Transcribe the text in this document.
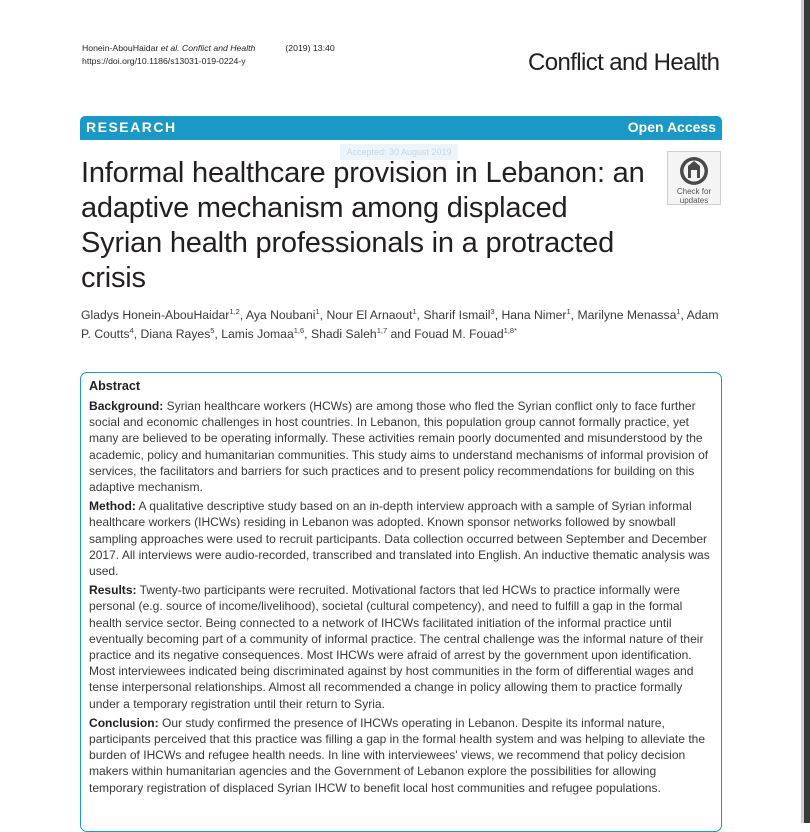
Honein-AbouHaidar et al. Conflict and Health	(2019) 13:40
https://doi.org/10.1186/s13031-019-0224-y	Conflict and Health
RESEARCH	Open Access
Accepted: 30 August 2019
Informal healthcare provision in Lebanon: an adaptive mechanism among displaced Syrian health professionals in a protracted crisis
Check for
updates
Gladys Honein-AbouHaidar$^{1,2}$, Aya Noubani$^1$, Nour El Arnaout$^1$, Sharif Ismail$^3$, Hana Nimer$^1$, Marilyne Menassa$^1$, Adam P. Coutts$^4$, Diana Rayes$^5$, Lamis Jomaa$^{1,6}$, Shadi Saleh$^{1,7}$ and Fouad M. Fouad$^{1,8*}$
Abstract

Background: Syrian healthcare workers (HCWs) are among those who fled the Syrian conflict only to face further social and economic challenges in host countries. In Lebanon, this population group cannot formally practice, yet many are believed to be operating informally. These activities remain poorly documented and misunderstood by the academic, policy and humanitarian communities. This study aims to understand mechanisms of informal provision of services, the facilitators and barriers for such practices and to present policy recommendations for building on this adaptive mechanism.

Method: A qualitative descriptive study based on an in-depth interview approach with a sample of Syrian informal healthcare workers (IHCWs) residing in Lebanon was adopted. Known sponsor networks followed by snowball sampling approaches were used to recruit participants. Data collection occurred between September and December 2017. All interviews were audio-recorded, transcribed and translated into English. An inductive thematic analysis was used.

Results: Twenty-two participants were recruited. Motivational factors that led HCWs to practice informally were personal (e.g. source of income/livelihood), societal (cultural competency), and need to fulfill a gap in the formal health service sector. Being connected to a network of IHCWs facilitated initiation of the informal practice until eventually becoming part of a community of informal practice. The central challenge was the informal nature of their practice and its negative consequences. Most IHCWs were afraid of arrest by the government upon identification. Most interviewees indicated being discriminated against by host communities in the form of differential wages and tense interpersonal relationships. Almost all recommended a change in policy allowing them to practice formally under a temporary registration until their return to Syria.

Conclusion: Our study confirmed the presence of IHCWs operating in Lebanon. Despite its informal nature, participants perceived that this practice was filling a gap in the formal health system and was helping to alleviate the burden of IHCWs and refugee health needs. In line with interviewees' views, we recommend that policy decision makers within humanitarian agencies and the Government of Lebanon explore the possibilities for allowing temporary registration of displaced Syrian IHCW to benefit local host communities and refugee populations.
